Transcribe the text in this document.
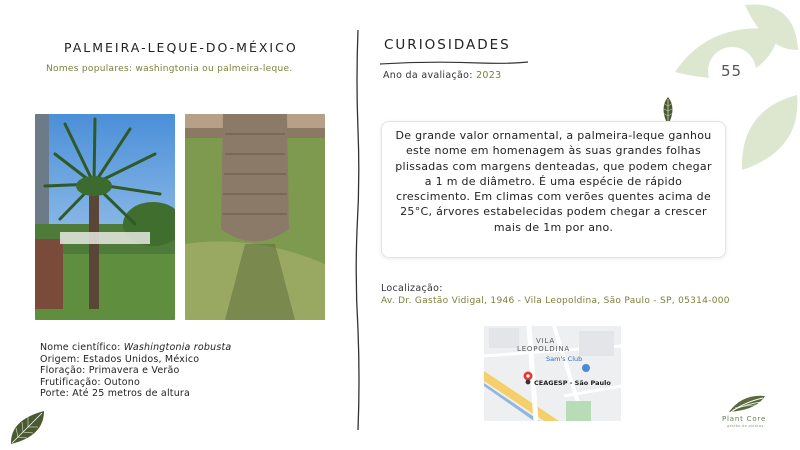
PALMEIRA-LEQUE-DO-MÉXICO
Nomes populares: washingtonia ou palmeira-leque.
Nome científico: Washingtonia robusta
Origem: Estados Unidos, México
Floração: Primavera e Verão
Frutificação: Outono
Porte: Até 25 metros de altura
CURIOSIDADES
Ano da avaliação: 2023
De grande valor ornamental, a palmeira-leque ganhou este nome em homenagem às suas grandes folhas plissadas com margens denteadas, que podem chegar a 1 m de diâmetro. É uma espécie de rápido crescimento. Em climas com verões quentes acima de 25°C, árvores estabelecidas podem chegar a crescer mais de 1m por ano.
Localização:
Av. Dr. Gastão Vidigal, 1946 - Vila Leopoldina, São Paulo - SP, 05314-000
VILA
LEOPOLDINA
Sam's Club
CEAGESP - São Paulo
55
Plant Core
gestão de plantas
